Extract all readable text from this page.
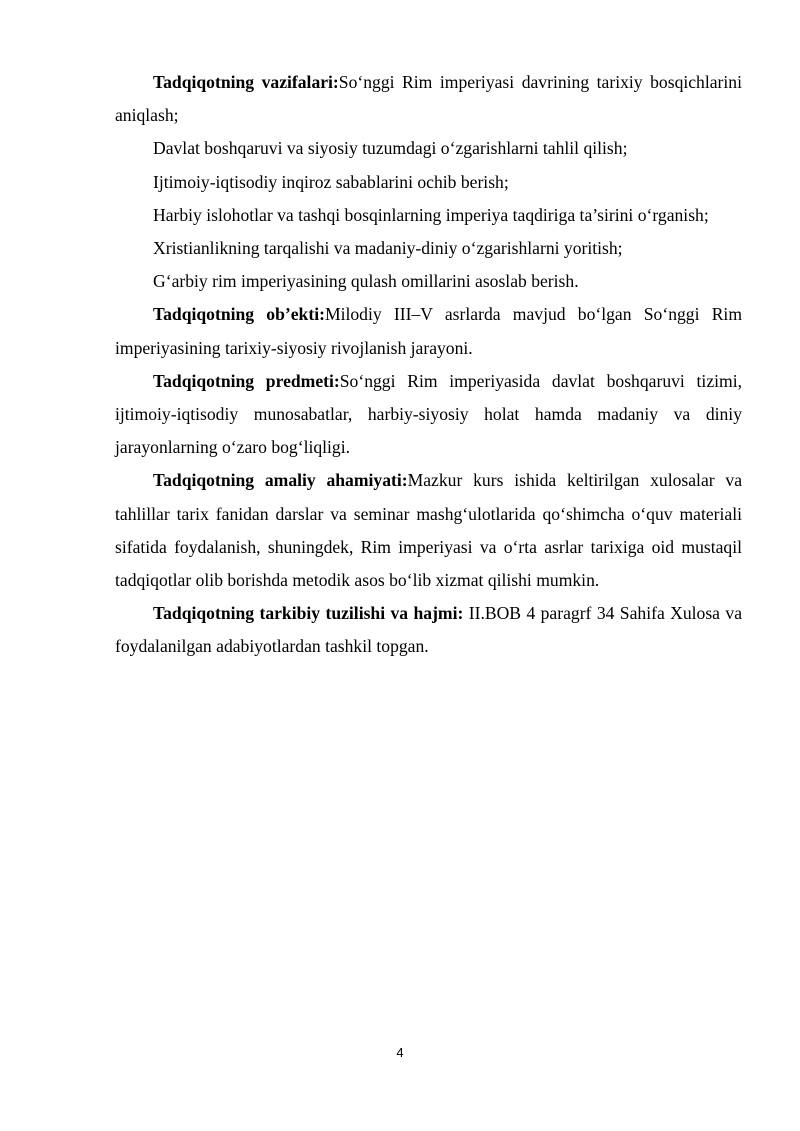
Tadqiqotning vazifalari:So‘nggi Rim imperiyasi davrining tarixiy bosqichlarini aniqlash;

Davlat boshqaruvi va siyosiy tuzumdagi o‘zgarishlarni tahlil qilish;

Ijtimoiy-iqtisodiy inqiroz sabablarini ochib berish;

Harbiy islohotlar va tashqi bosqinlarning imperiya taqdiriga ta’sirini o‘rganish;

Xristianlikning tarqalishi va madaniy-diniy o‘zgarishlarni yoritish;

G‘arbiy rim imperiyasining qulash omillarini asoslab berish.

Tadqiqotning ob’ekti:Milodiy III–V asrlarda mavjud bo‘lgan So‘nggi Rim imperiyasining tarixiy-siyosiy rivojlanish jarayoni.

Tadqiqotning predmeti:So‘nggi Rim imperiyasida davlat boshqaruvi tizimi, ijtimoiy-iqtisodiy munosabatlar, harbiy-siyosiy holat hamda madaniy va diniy jarayonlarning o‘zaro bog‘liqligi.

Tadqiqotning amaliy ahamiyati:Mazkur kurs ishida keltirilgan xulosalar va tahlillar tarix fanidan darslar va seminar mashg‘ulotlarida qo‘shimcha o‘quv materiali sifatida foydalanish, shuningdek, Rim imperiyasi va o‘rta asrlar tarixiga oid mustaqil tadqiqotlar olib borishda metodik asos bo‘lib xizmat qilishi mumkin.

Tadqiqotning tarkibiy tuzilishi va hajmi: II.BOB 4 paragrf 34 Sahifa Xulosa va foydalanilgan adabiyotlardan tashkil topgan.

4
